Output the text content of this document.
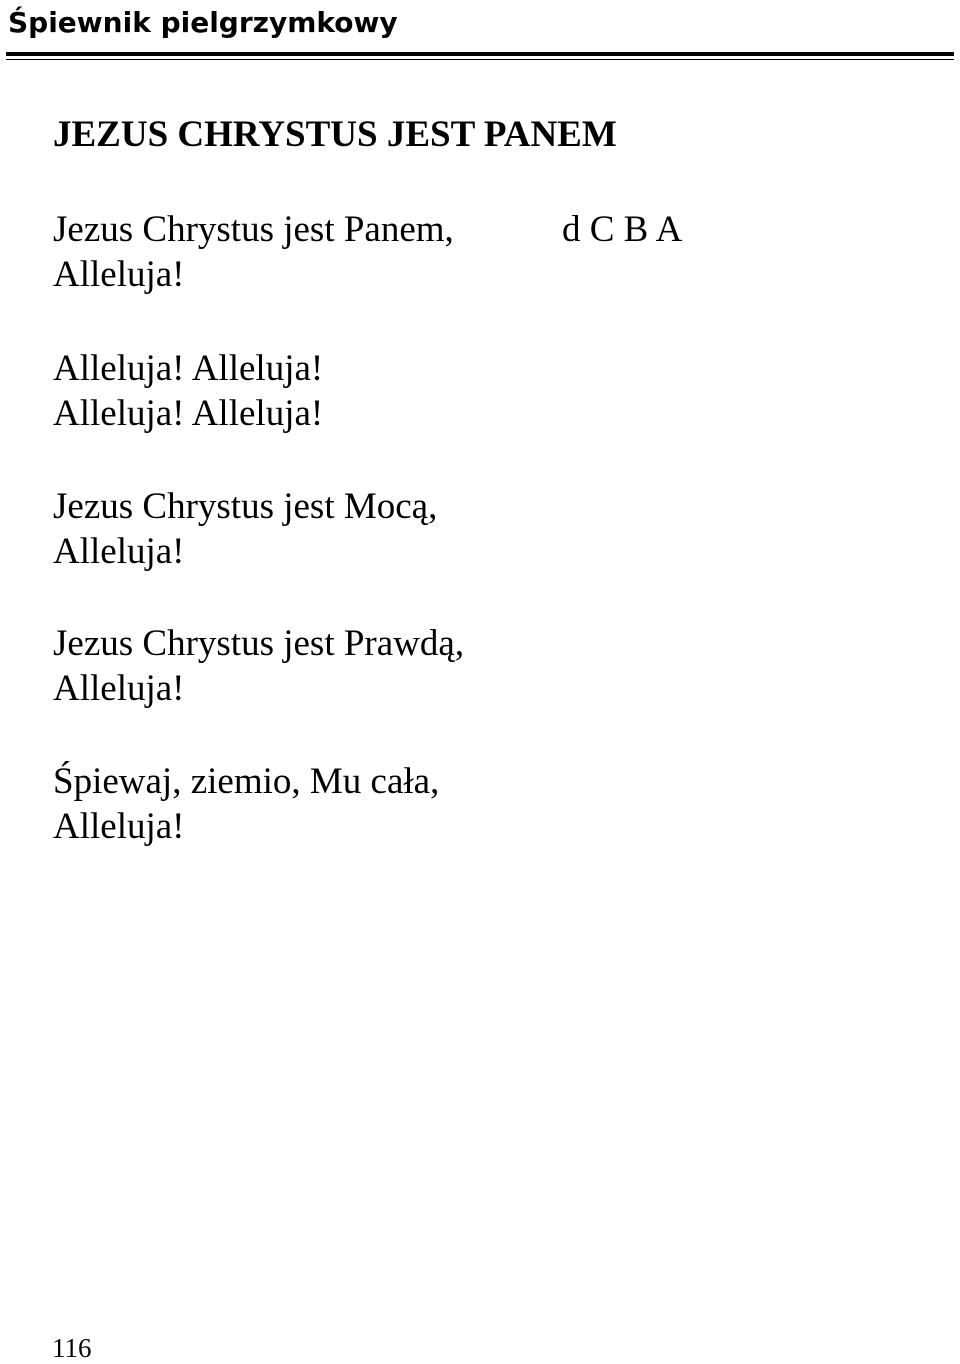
Śpiewnik pielgrzymkowy
JEZUS CHRYSTUS JEST PANEM
Jezus Chrystus jest Panem,
Alleluja!
d C B A
Alleluja! Alleluja!
Alleluja! Alleluja!
Jezus Chrystus jest Mocą,
Alleluja!
Jezus Chrystus jest Prawdą,
Alleluja!
Śpiewaj, ziemio, Mu cała,
Alleluja!
116
